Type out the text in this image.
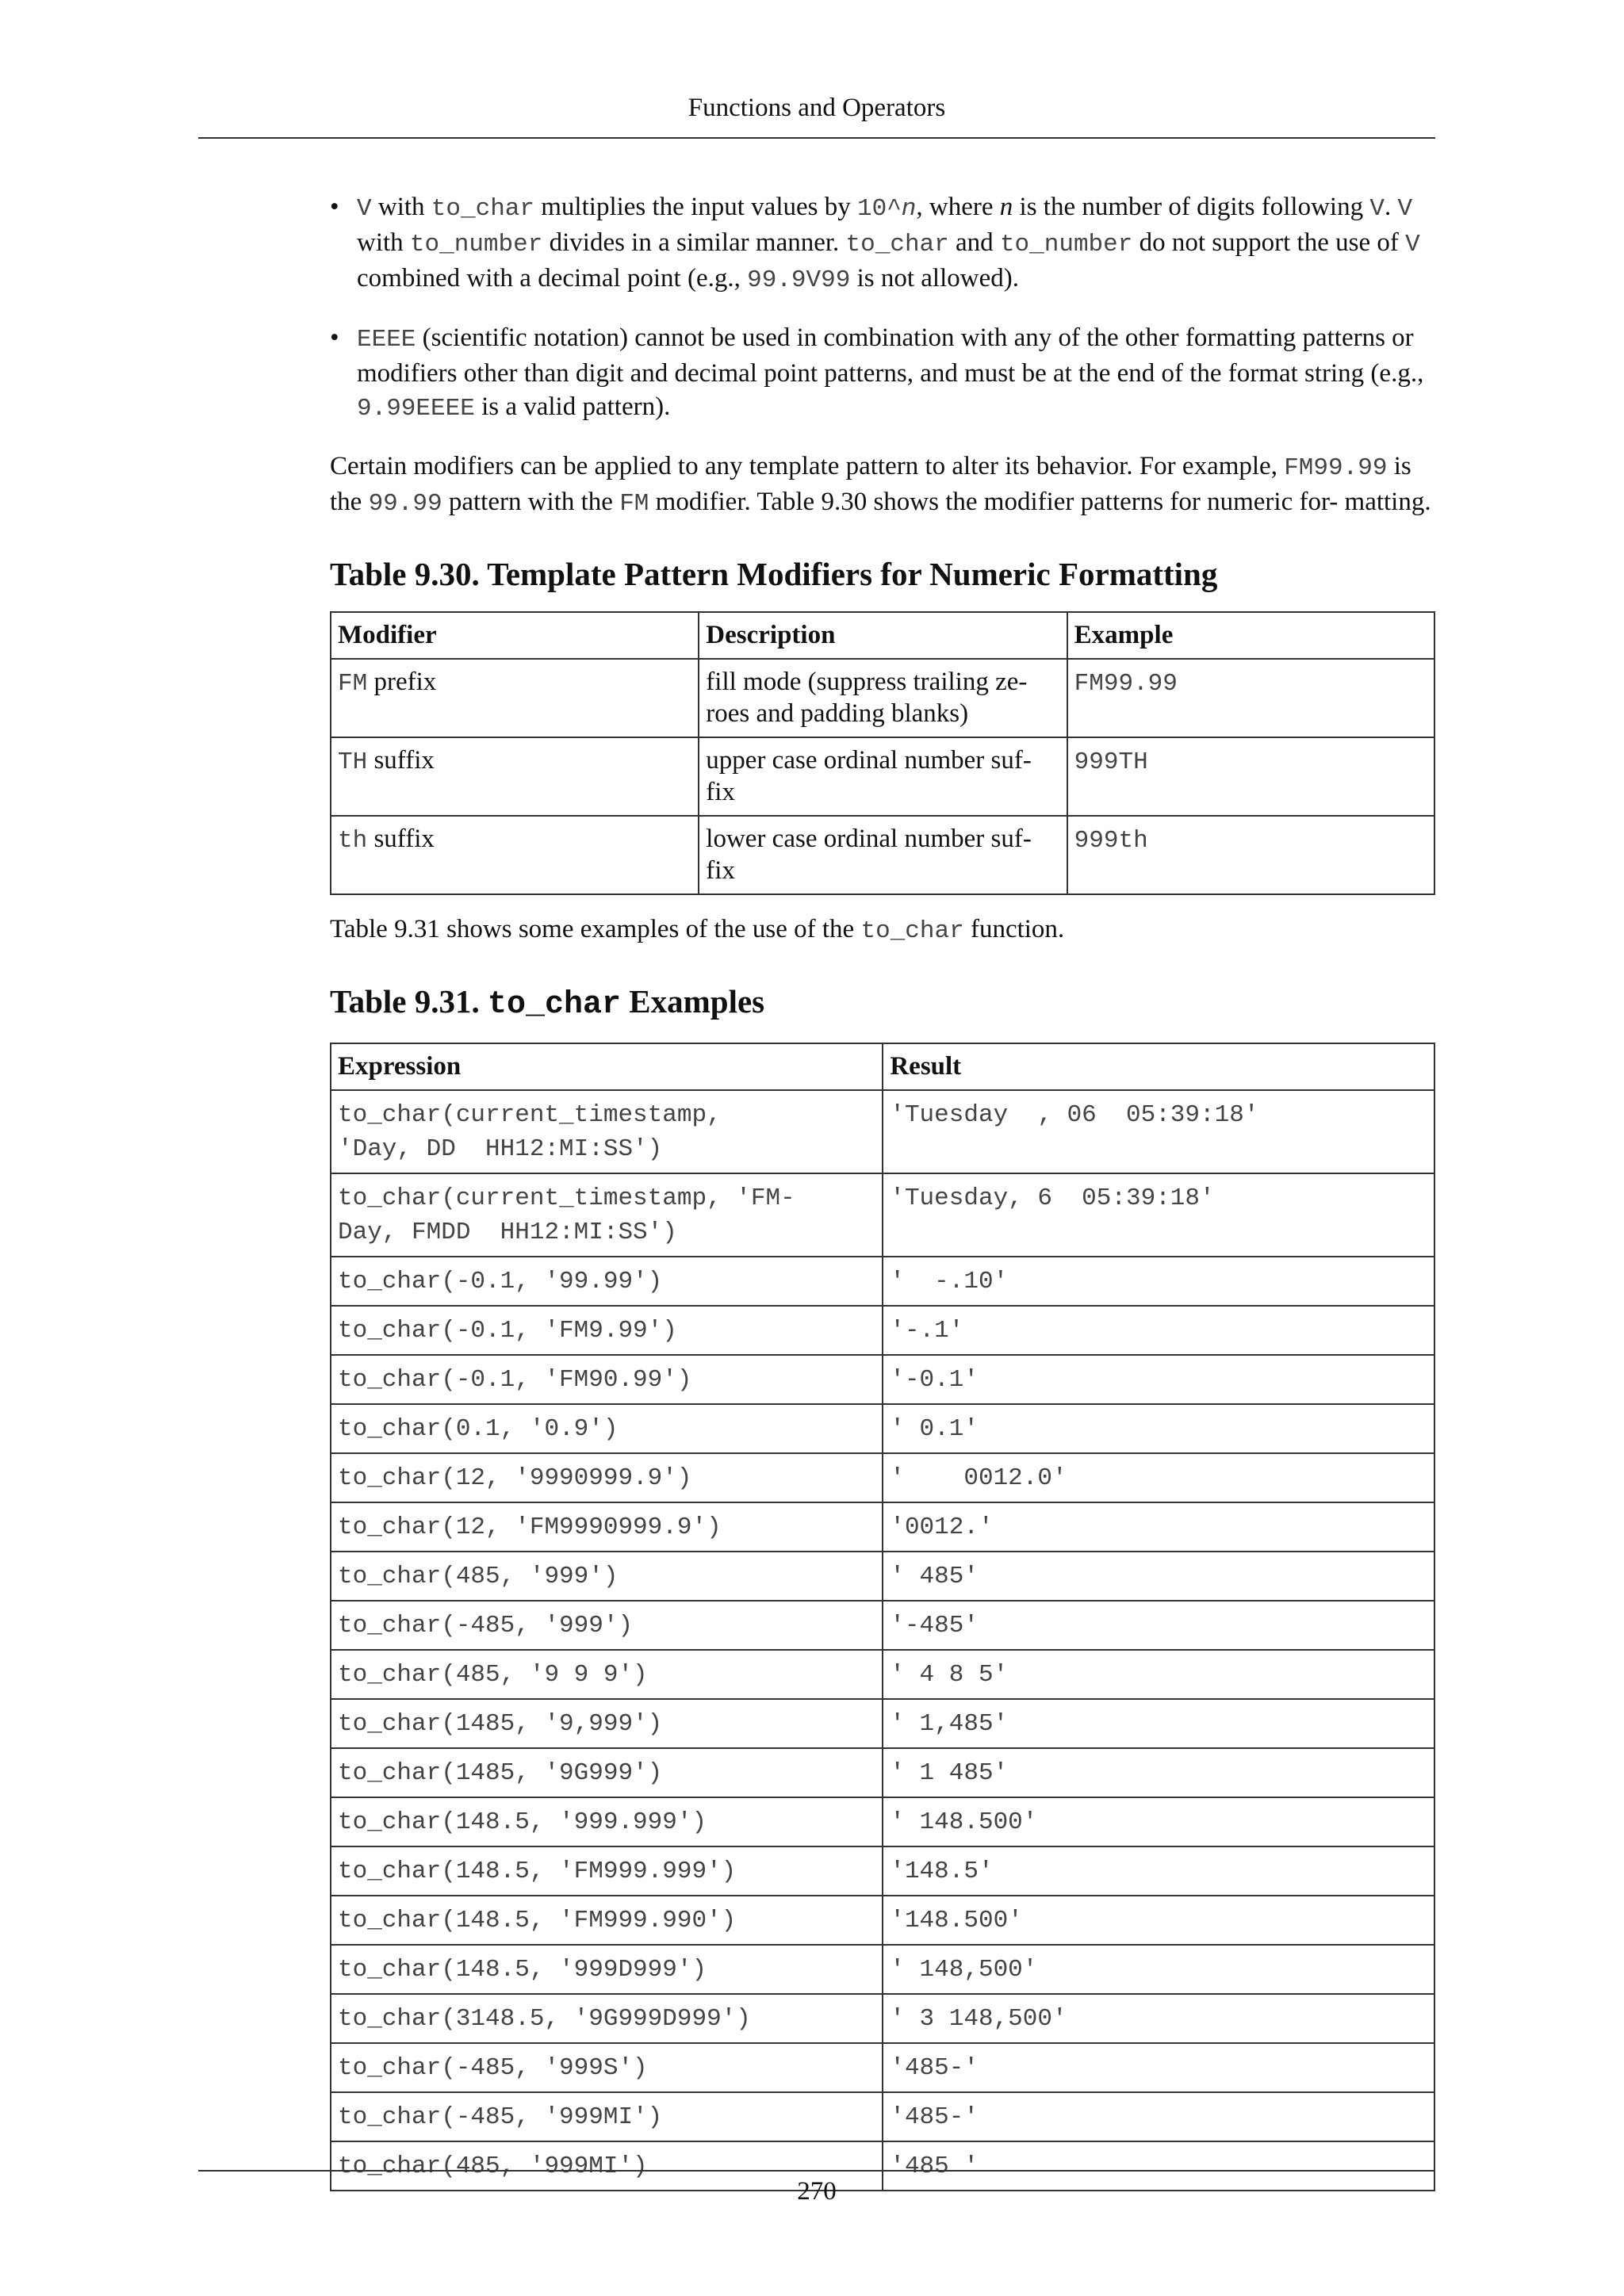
Functions and Operators
• V with to_char multiplies the input values by 10^n, where n is the number of digits following V. V with to_number divides in a similar manner. to_char and to_number do not support the use of V combined with a decimal point (e.g., 99.9V99 is not allowed).
• EEEE (scientific notation) cannot be used in combination with any of the other formatting patterns or modifiers other than digit and decimal point patterns, and must be at the end of the format string (e.g., 9.99EEEE is a valid pattern).

Certain modifiers can be applied to any template pattern to alter its behavior. For example, FM99.99 is the 99.99 pattern with the FM modifier. Table 9.30 shows the modifier patterns for numeric for- matting.

Table 9.30. Template Pattern Modifiers for Numeric Formatting
Modifier	Description	Example
FM prefix	fill mode (suppress trailing ze- roes and padding blanks)	FM99.99
TH suffix	upper case ordinal number suf- fix	999TH
th suffix	lower case ordinal number suf- fix	999th

Table 9.31 shows some examples of the use of the to_char function.

Table 9.31. to_char Examples
Expression	Result
to_char(current_timestamp,
'Day, DD  HH12:MI:SS')	'Tuesday  , 06  05:39:18'
to_char(current_timestamp, 'FM-
Day, FMDD  HH12:MI:SS')	'Tuesday, 6  05:39:18'
to_char(-0.1, '99.99')	'  -.10'
to_char(-0.1, 'FM9.99')	'-.1'
to_char(-0.1, 'FM90.99')	'-0.1'
to_char(0.1, '0.9')	' 0.1'
to_char(12, '9990999.9')	'    0012.0'
to_char(12, 'FM9990999.9')	'0012.'
to_char(485, '999')	' 485'
to_char(-485, '999')	'-485'
to_char(485, '9 9 9')	' 4 8 5'
to_char(1485, '9,999')	' 1,485'
to_char(1485, '9G999')	' 1 485'
to_char(148.5, '999.999')	' 148.500'
to_char(148.5, 'FM999.999')	'148.5'
to_char(148.5, 'FM999.990')	'148.500'
to_char(148.5, '999D999')	' 148,500'
to_char(3148.5, '9G999D999')	' 3 148,500'
to_char(-485, '999S')	'485-'
to_char(-485, '999MI')	'485-'
to_char(485, '999MI')	'485 '
270
